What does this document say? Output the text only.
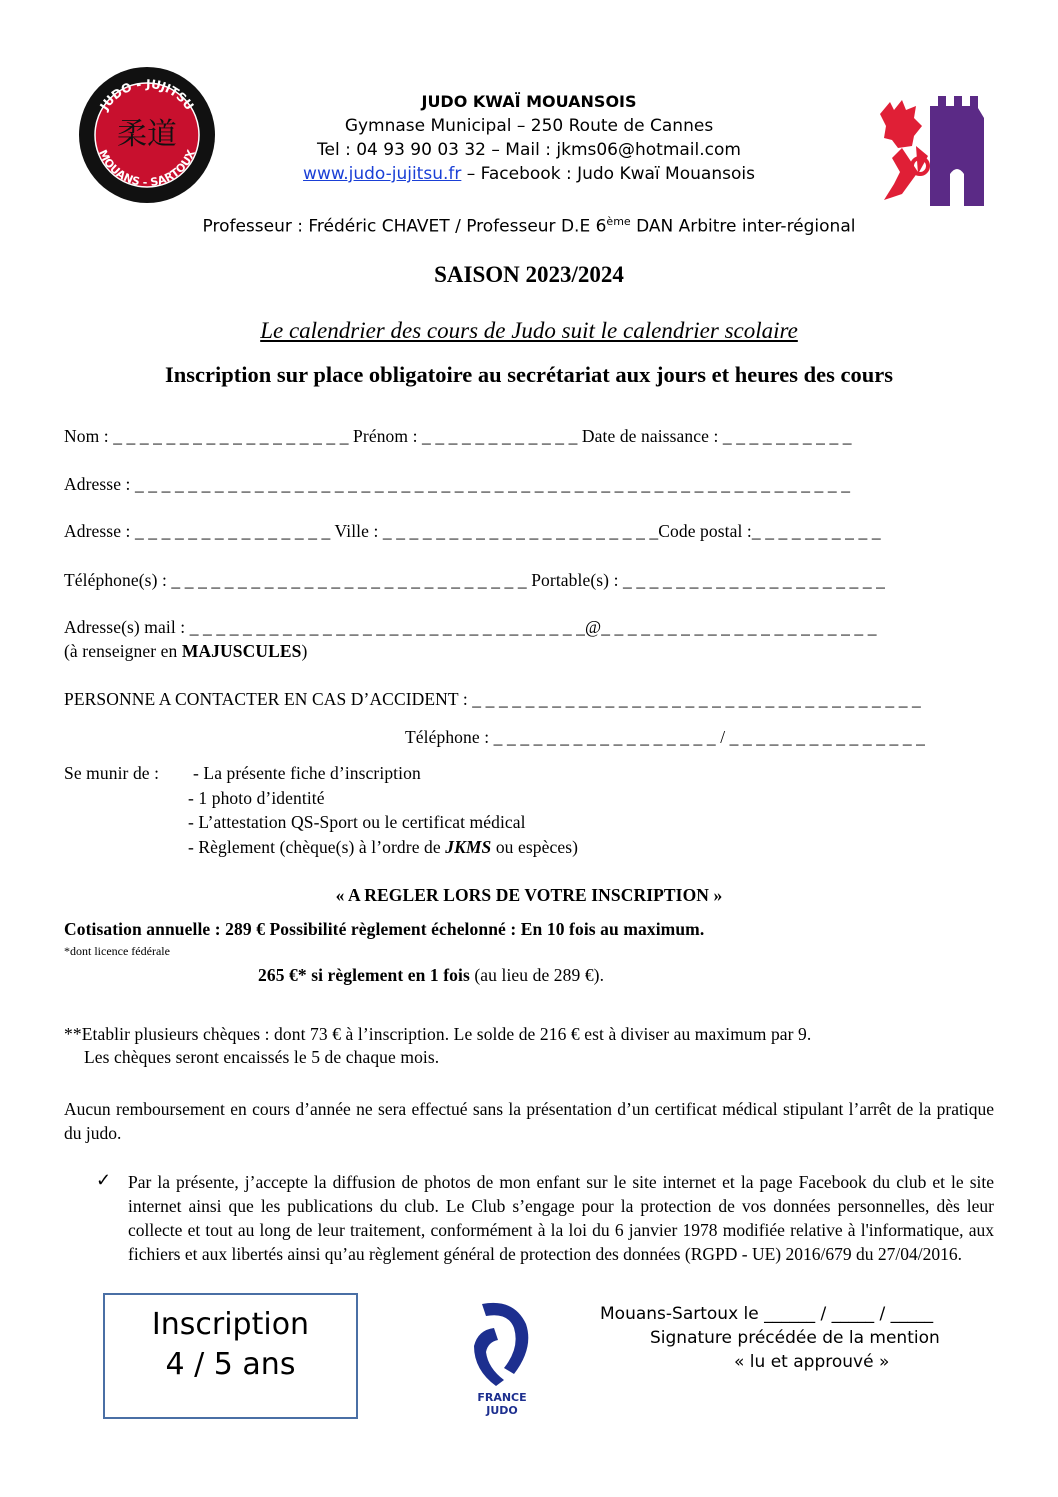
JUDO - JUJITSU
MOUANS - SARTOUX
柔道
JUDO KWAÏ MOUANSOIS
Gymnase Municipal – 250 Route de Cannes
Tel : 04 93 90 03 32 – Mail : jkms06@hotmail.com
www.judo-jujitsu.fr – Facebook : Judo Kwaï Mouansois
Professeur : Frédéric CHAVET / Professeur D.E 6ème DAN Arbitre inter-régional
SAISON 2023/2024
Le calendrier des cours de Judo suit le calendrier scolaire
Inscription sur place obligatoire au secrétariat aux jours et heures des cours
Nom : _ _ _ _ _ _ _ _ _ _ _ _ _ _ _ _ _ _ Prénom : _ _ _ _ _ _ _ _ _ _ _ _ Date de naissance : _ _ _ _ _ _ _ _ _ _
Adresse : _ _ _ _ _ _ _ _ _ _ _ _ _ _ _ _ _ _ _ _ _ _ _ _ _ _ _ _ _ _ _ _ _ _ _ _ _ _ _ _ _ _ _ _ _ _ _ _ _ _ _ _ _ _
Adresse : _ _ _ _ _ _ _ _ _ _ _ _ _ _ _ Ville : _ _ _ _ _ _ _ _ _ _ _ _ _ _ _ _ _ _ _ _ _Code postal :_ _ _ _ _ _ _ _ _ _
Téléphone(s) : _ _ _ _ _ _ _ _ _ _ _ _ _ _ _ _ _ _ _ _ _ _ _ _ _ _ _ Portable(s) : _ _ _ _ _ _ _ _ _ _ _ _ _ _ _ _ _ _ _ _
Adresse(s) mail : _ _ _ _ _ _ _ _ _ _ _ _ _ _ _ _ _ _ _ _ _ _ _ _ _ _ _ _ _ _@_ _ _ _ _ _ _ _ _ _ _ _ _ _ _ _ _ _ _ _ _
(à renseigner en MAJUSCULES)
PERSONNE A CONTACTER EN CAS D’ACCIDENT : _ _ _ _ _ _ _ _ _ _ _ _ _ _ _ _ _ _ _ _ _ _ _ _ _ _ _ _ _ _ _ _ _ _
Téléphone : _ _ _ _ _ _ _ _ _ _ _ _ _ _ _ _ _ / _ _ _ _ _ _ _ _ _ _ _ _ _ _ _
Se munir de : - La présente fiche d’inscription
- 1 photo d’identité
- L’attestation QS-Sport ou le certificat médical
- Règlement (chèque(s) à l’ordre de JKMS ou espèces)
« A REGLER LORS DE VOTRE INSCRIPTION »
Cotisation annuelle : 289 € Possibilité règlement échelonné : En 10 fois au maximum.
*dont licence fédérale
265 €* si règlement en 1 fois (au lieu de 289 €).
**Etablir plusieurs chèques : dont 73 € à l’inscription. Le solde de 216 € est à diviser au maximum par 9.
Les chèques seront encaissés le 5 de chaque mois.
Aucun remboursement en cours d’année ne sera effectué sans la présentation d’un certificat médical stipulant l’arrêt de la pratique du judo.
✓ Par la présente, j’accepte la diffusion de photos de mon enfant sur le site internet et la page Facebook du club et le site internet ainsi que les publications du club. Le Club s’engage pour la protection de vos données personnelles, dès leur collecte et tout au long de leur traitement, conformément à la loi du 6 janvier 1978 modifiée relative à l'informatique, aux fichiers et aux libertés ainsi qu’au règlement général de protection des données (RGPD - UE) 2016/679 du 27/04/2016.
Inscription
4 / 5 ans
FRANCE
JUDO
Mouans-Sartoux le ______ / _____ / _____
Signature précédée de la mention
« lu et approuvé »
